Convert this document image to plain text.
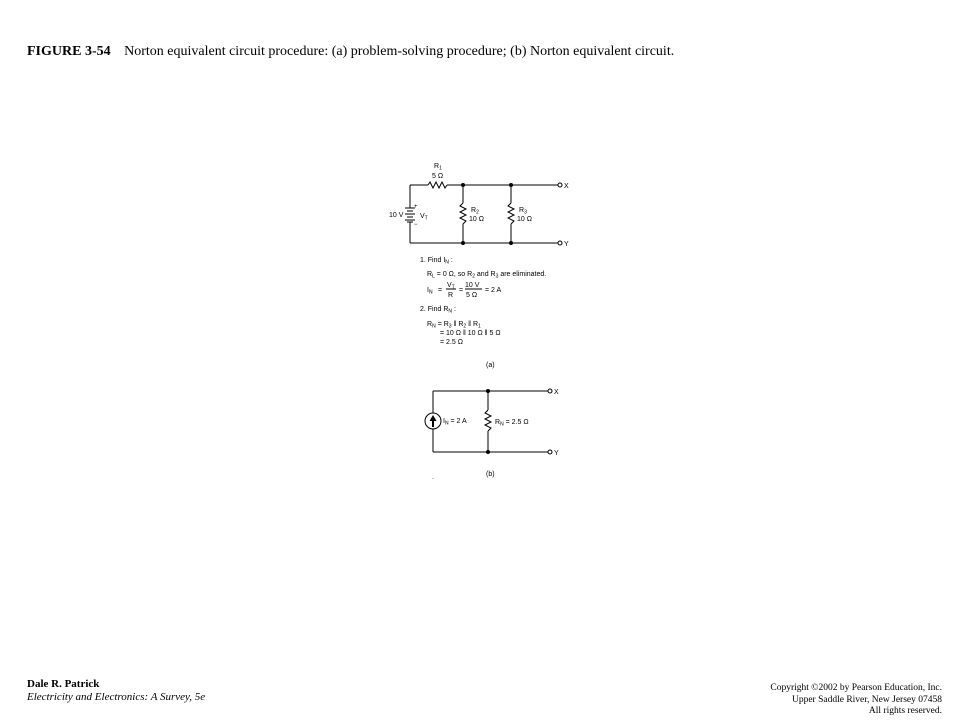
FIGURE 3-54 Norton equivalent circuit procedure: (a) problem-solving procedure; (b) Norton equivalent circuit.
$R_1$
5 Ω
$R_2$
10 Ω
$R_3$
10 Ω
10 V $V_T$
+
−
X
Y
1. Find $I_N$ :
$R_L = 0$ Ω, so $R_2$ and $R_3$ are eliminated.
$I_N$ =
$V_T$
R
=
10 V
5 Ω
= 2 A
2. Find $R_N$ :
$R_N = R_3$ ǁ $R_2$ ǁ $R_1$
= 10 Ω ǁ 10 Ω ǁ 5 Ω
= 2.5 Ω
(a)
$I_N = 2$ A	$R_N = 2.5$ Ω
X
Y
(b)
.
Dale R. Patrick
Electricity and Electronics: A Survey, 5e
Copyright ©2002 by Pearson Education, Inc.
Upper Saddle River, New Jersey 07458
All rights reserved.
